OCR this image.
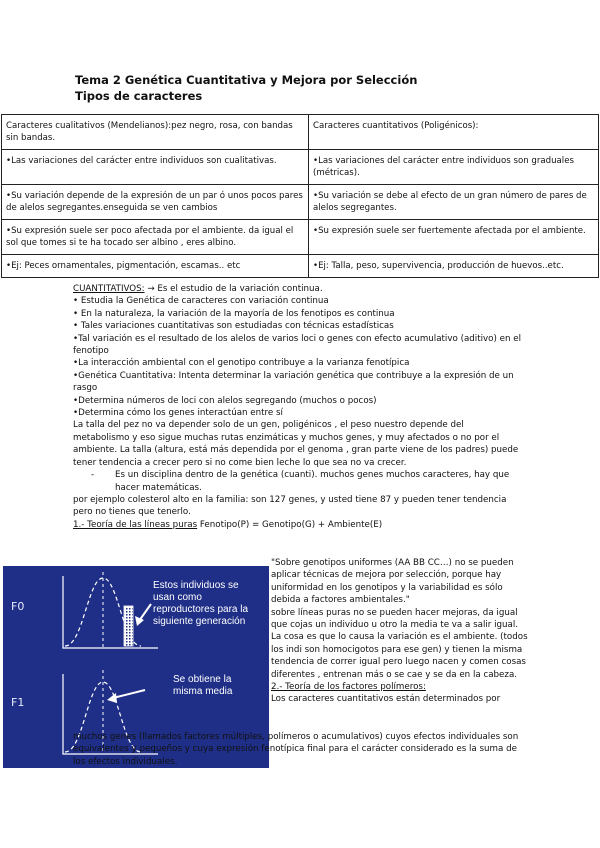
Tema 2 Genética Cuantitativa y Mejora por Selección
Tipos de caracteres
Caracteres cualitativos (Mendelianos):pez negro, rosa, con bandas sin bandas.	Caracteres cuantitativos (Poligénicos):
•Las variaciones del carácter entre individuos son cualitativas.	•Las variaciones del carácter entre individuos son graduales (métricas).
•Su variación depende de la expresión de un par ó unos pocos pares de alelos segregantes.enseguida se ven cambios	•Su variación se debe al efecto de un gran número de pares de alelos segregantes.
•Su expresión suele ser poco afectada por el ambiente. da igual el sol que tomes si te ha tocado ser albino , eres albino.	•Su expresión suele ser fuertemente afectada por el ambiente.
•Ej: Peces ornamentales, pigmentación, escamas.. etc	•Ej: Talla, peso, supervivencia, producción de huevos..etc.

CUANTITATIVOS: → Es el estudio de la variación continua.

• Estudia la Genética de caracteres con variación continua

• En la naturaleza, la variación de la mayoría de los fenotipos es continua

• Tales variaciones cuantitativas son estudiadas con técnicas estadísticas

•Tal variación es el resultado de los alelos de varios loci o genes con efecto acumulativo (aditivo) en el fenotipo

•La interacción ambiental con el genotipo contribuye a la varianza fenotípica

•Genética Cuantitativa: Intenta determinar la variación genética que contribuye a la expresión de un rasgo

•Determina números de loci con alelos segregando (muchos o pocos)

•Determina cómo los genes interactúan entre sí

La talla del pez no va depender solo de un gen, poligénicos , el peso nuestro depende del metabolismo y eso sigue muchas rutas enzimáticas y muchos genes, y muy afectados o no por el ambiente. La talla (altura, está más dependida por el genoma , gran parte viene de los padres) puede tener tendencia a crecer pero si no come bien leche lo que sea no va crecer.

-	Es un disciplina dentro de la genética (cuanti). muchos genes muchos caracteres, hay que hacer matemáticas.

por ejemplo colesterol alto en la familia: son 127 genes, y usted tiene 87 y pueden tener tendencia pero no tienes que tenerlo.

1.- Teoría de las líneas puras Fenotipo(P) = Genotipo(G) + Ambiente(E)

F0
F1
Estos individuos se usan como reproductores para la siguiente generación
Se obtiene la misma media

"Sobre genotipos uniformes (AA BB CC…) no se pueden aplicar técnicas de mejora por selección, porque hay uniformidad en los genotipos y la variabilidad es sólo debida a factores ambientales."

sobre líneas puras no se pueden hacer mejoras, da igual que cojas un individuo u otro la media te va a salir igual. La cosa es que lo causa la variación es el ambiente. (todos los indi son homocigotos para ese gen) y tienen la misma tendencia de correr igual pero luego nacen y comen cosas diferentes , entrenan más o se cae y se da en la cabeza.

2.- Teoría de los factores polímeros:

Los caracteres cuantitativos están determinados por

muchos genes (llamados factores múltiples, polímeros o acumulativos) cuyos efectos individuales son equivalentes y pequeños y cuya expresión fenotípica final para el carácter considerado es la suma de los efectos individuales.
